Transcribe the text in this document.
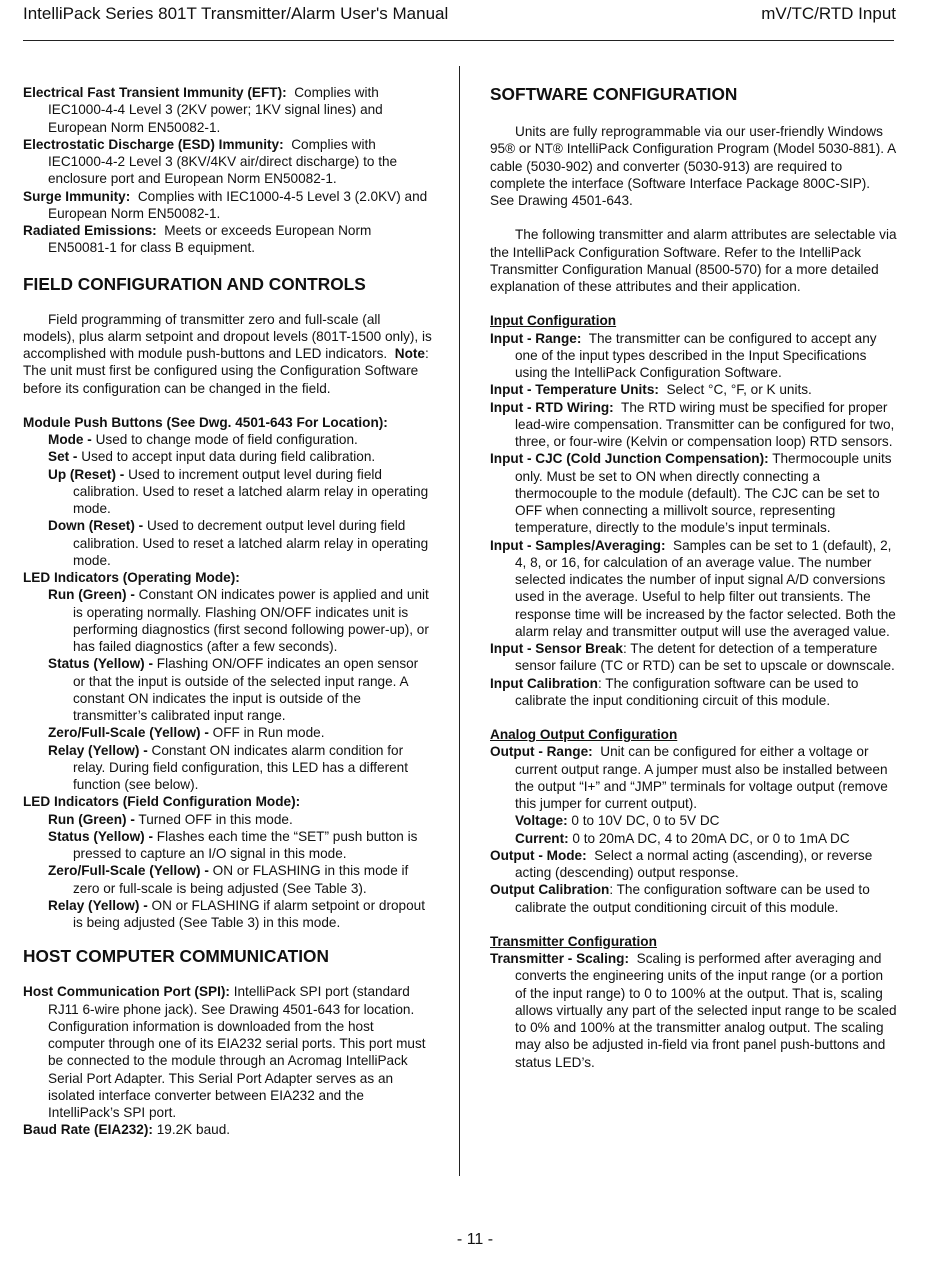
IntelliPack Series 801T Transmitter/Alarm User's Manual	mV/TC/RTD Input

Electrical Fast Transient Immunity (EFT): Complies with IEC1000-4-4 Level 3 (2KV power; 1KV signal lines) and European Norm EN50082-1.

Electrostatic Discharge (ESD) Immunity: Complies with IEC1000-4-2 Level 3 (8KV/4KV air/direct discharge) to the enclosure port and European Norm EN50082-1.

Surge Immunity: Complies with IEC1000-4-5 Level 3 (2.0KV) and European Norm EN50082-1.

Radiated Emissions: Meets or exceeds European Norm EN50081-1 for class B equipment.

FIELD CONFIGURATION AND CONTROLS

Field programming of transmitter zero and full-scale (all models), plus alarm setpoint and dropout levels (801T-1500 only), is accomplished with module push-buttons and LED indicators. Note: The unit must first be configured using the Configuration Software before its configuration can be changed in the field.

Module Push Buttons (See Dwg. 4501-643 For Location):

Mode - Used to change mode of field configuration.

Set - Used to accept input data during field calibration.

Up (Reset) - Used to increment output level during field calibration. Used to reset a latched alarm relay in operating mode.

Down (Reset) - Used to decrement output level during field calibration. Used to reset a latched alarm relay in operating mode.

LED Indicators (Operating Mode):

Run (Green) - Constant ON indicates power is applied and unit is operating normally. Flashing ON/OFF indicates unit is performing diagnostics (first second following power-up), or has failed diagnostics (after a few seconds).

Status (Yellow) - Flashing ON/OFF indicates an open sensor or that the input is outside of the selected input range. A constant ON indicates the input is outside of the transmitter’s calibrated input range.

Zero/Full-Scale (Yellow) - OFF in Run mode.

Relay (Yellow) - Constant ON indicates alarm condition for relay. During field configuration, this LED has a different function (see below).

LED Indicators (Field Configuration Mode):

Run (Green) - Turned OFF in this mode.

Status (Yellow) - Flashes each time the “SET” push button is pressed to capture an I/O signal in this mode.

Zero/Full-Scale (Yellow) - ON or FLASHING in this mode if zero or full-scale is being adjusted (See Table 3).

Relay (Yellow) - ON or FLASHING if alarm setpoint or dropout is being adjusted (See Table 3) in this mode.

HOST COMPUTER COMMUNICATION

Host Communication Port (SPI): IntelliPack SPI port (standard RJ11 6-wire phone jack). See Drawing 4501-643 for location. Configuration information is downloaded from the host computer through one of its EIA232 serial ports. This port must be connected to the module through an Acromag IntelliPack Serial Port Adapter. This Serial Port Adapter serves as an isolated interface converter between EIA232 and the IntelliPack’s SPI port.

Baud Rate (EIA232): 19.2K baud.

SOFTWARE CONFIGURATION

Units are fully reprogrammable via our user-friendly Windows 95® or NT® IntelliPack Configuration Program (Model 5030-881). A cable (5030-902) and converter (5030-913) are required to complete the interface (Software Interface Package 800C-SIP). See Drawing 4501-643.

The following transmitter and alarm attributes are selectable via the IntelliPack Configuration Software. Refer to the IntelliPack Transmitter Configuration Manual (8500-570) for a more detailed explanation of these attributes and their application.

Input Configuration

Input - Range: The transmitter can be configured to accept any one of the input types described in the Input Specifications using the IntelliPack Configuration Software.

Input - Temperature Units: Select °C, °F, or K units.

Input - RTD Wiring: The RTD wiring must be specified for proper lead-wire compensation. Transmitter can be configured for two, three, or four-wire (Kelvin or compensation loop) RTD sensors.

Input - CJC (Cold Junction Compensation): Thermocouple units only. Must be set to ON when directly connecting a thermocouple to the module (default). The CJC can be set to OFF when connecting a millivolt source, representing temperature, directly to the module’s input terminals.

Input - Samples/Averaging: Samples can be set to 1 (default), 2, 4, 8, or 16, for calculation of an average value. The number selected indicates the number of input signal A/D conversions used in the average. Useful to help filter out transients. The response time will be increased by the factor selected. Both the alarm relay and transmitter output will use the averaged value.

Input - Sensor Break: The detent for detection of a temperature sensor failure (TC or RTD) can be set to upscale or downscale.

Input Calibration: The configuration software can be used to calibrate the input conditioning circuit of this module.

Analog Output Configuration

Output - Range: Unit can be configured for either a voltage or current output range. A jumper must also be installed between the output “I+” and “JMP” terminals for voltage output (remove this jumper for current output).

Voltage: 0 to 10V DC, 0 to 5V DC

Current: 0 to 20mA DC, 4 to 20mA DC, or 0 to 1mA DC

Output - Mode: Select a normal acting (ascending), or reverse acting (descending) output response.

Output Calibration: The configuration software can be used to calibrate the output conditioning circuit of this module.

Transmitter Configuration

Transmitter - Scaling: Scaling is performed after averaging and converts the engineering units of the input range (or a portion of the input range) to 0 to 100% at the output. That is, scaling allows virtually any part of the selected input range to be scaled to 0% and 100% at the transmitter analog output. The scaling may also be adjusted in-field via front panel push-buttons and status LED’s.

- 11 -
